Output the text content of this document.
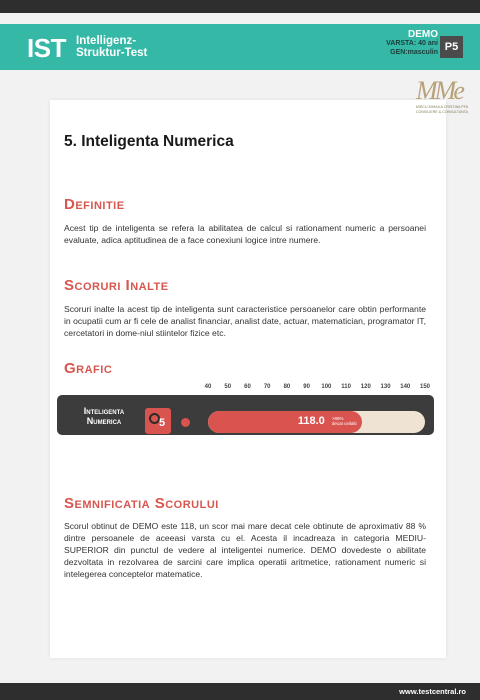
IST Intelligenz-
Struktur-Test
DEMO
VARSTA: 40 ani
GEN:masculin P5
MMe
MIRCU MIHAILA CRISTINA PFA CONSILIERE & CONSULTANTA
5. Inteligenta Numerica
Definitie
Acest tip de inteligenta se refera la abilitatea de calcul si rationament numeric a persoanei evaluate, adica aptitudinea de a face conexiuni logice intre numere.
Scoruri Inalte
Scoruri inalte la acest tip de inteligenta sunt caracteristice persoanelor care obtin performante in ocupatii cum ar fi cele de analist financiar, analist date, actuar, matematician, programator IT, cercetatori in dome-niul stiintelor fizice etc.
Grafic
40 50 60 70 80 90 100 110 120 130 140 150
Inteligenta
Numerica	5	118.0 >88%
decat ceilalti
Semnificatia Scorului
Scorul obtinut de DEMO este 118, un scor mai mare decat cele obtinute de aproximativ 88 % dintre persoanele de aceeasi varsta cu el. Acesta il incadreaza in categoria MEDIU-SUPERIOR din punctul de vedere al inteligentei numerice. DEMO dovedeste o abilitate dezvoltata in rezolvarea de sarcini care implica operatii aritmetice, rationament numeric si intelegerea conceptelor matematice.
www.testcentral.ro
